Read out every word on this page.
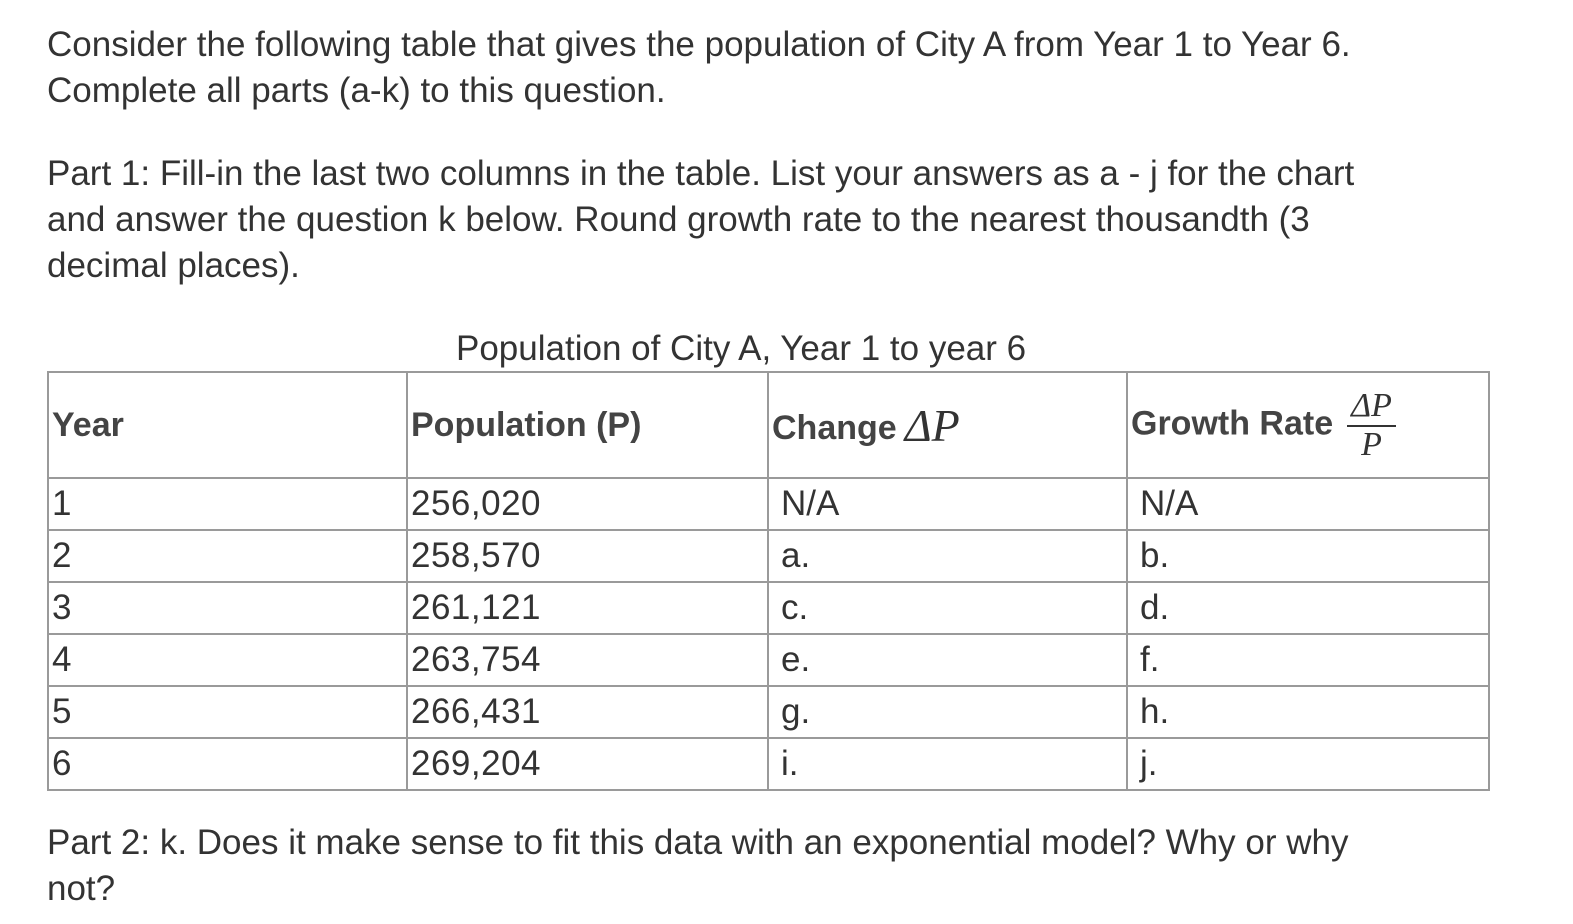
Consider the following table that gives the population of City A from Year 1 to Year 6.
Complete all parts (a-k) to this question.
Part 1: Fill-in the last two columns in the table. List your answers as a - j for the chart
and answer the question k below. Round growth rate to the nearest thousandth (3
decimal places).
Population of City A, Year 1 to year 6
Year	Population (P)	Change ΔP	Growth Rate $\frac{\Delta P}{P}$

1	256,020	N/A	N/A
2	258,570	a.	b.
3	261,121	c.	d.
4	263,754	e.	f.
5	266,431	g.	h.
6	269,204	i.	j.
Part 2: k. Does it make sense to fit this data with an exponential model? Why or why
not?
